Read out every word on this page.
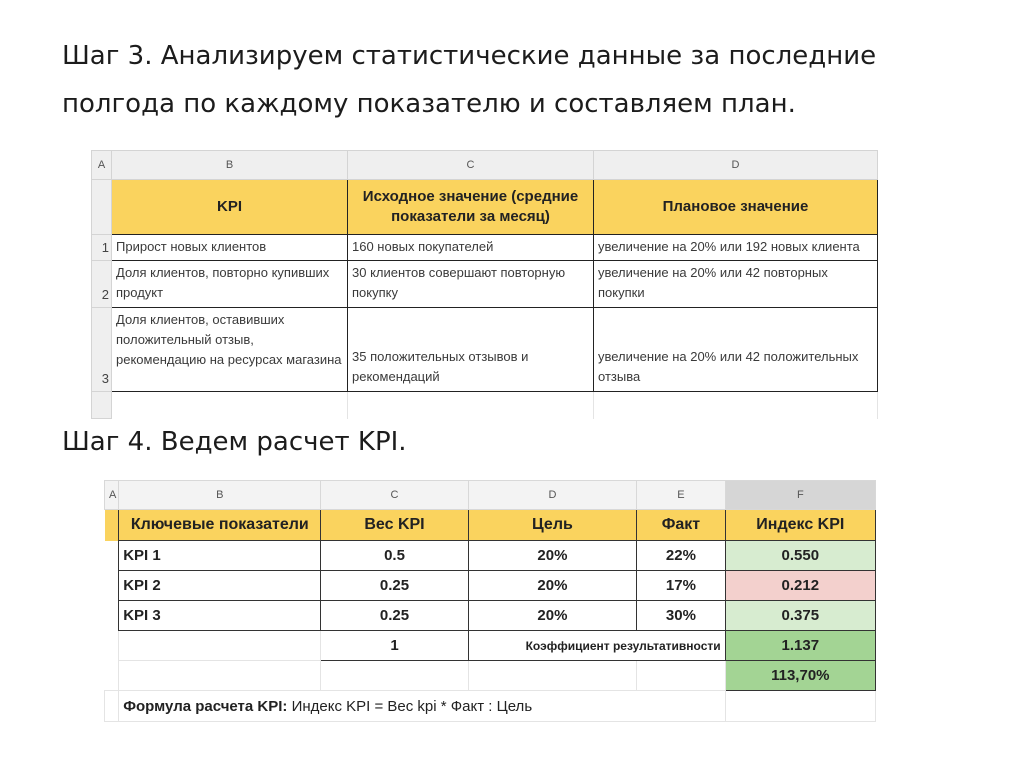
Шаг 3. Анализируем статистические данные за последние полгода по каждому показателю и составляем план.
A	B	C	D
	KPI	Исходное значение (средние показатели за месяц)	Плановое значение
1	Прирост новых клиентов	160 новых покупателей	увеличение на 20% или 192 новых клиента
2	Доля клиентов, повторно купивших продукт	30 клиентов совершают повторную покупку	увеличение на 20% или 42 повторных покупки
3	Доля клиентов, оставивших положительный отзыв, рекомендацию на ресурсах магазина	35 положительных отзывов и рекомендаций	увеличение на 20% или 42 положительных отзыва

Шаг 4. Ведем расчет KPI.
A	B	C	D	E	F
	Ключевые показатели	Вес KPI	Цель	Факт	Индекс KPI
	KPI 1	0.5	20%	22%	0.550
	KPI 2	0.25	20%	17%	0.212
	KPI 3	0.25	20%	30%	0.375
		1	Коэффициент результативности		1.137
					113,70%
	Формула расчета KPI: Индекс KPI = Вес kpi * Факт : Цель				
